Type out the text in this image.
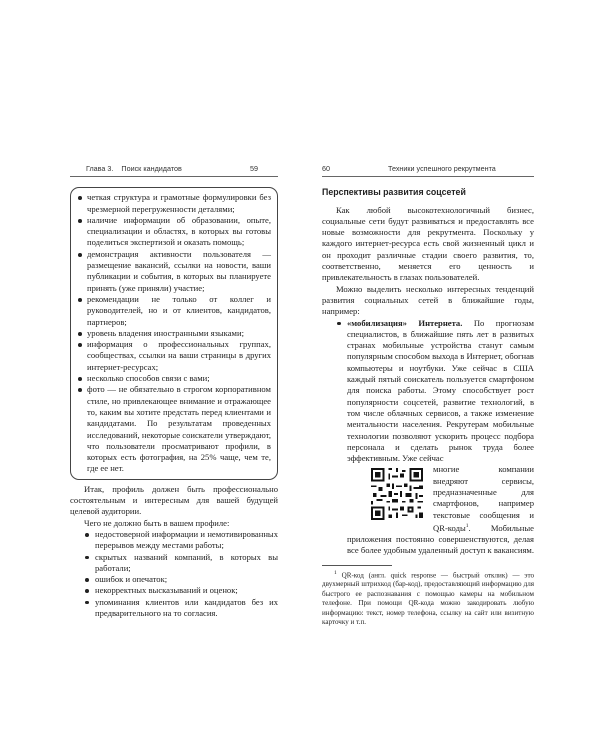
Глава 3. Поиск кандидатов	59
четкая структура и грамотные формулировки без чрезмерной перегруженности деталями;
наличие информации об образовании, опыте, специализации и областях, в которых вы готовы поделиться экспертизой и оказать помощь;
демонстрация активности пользователя — размещение вакансий, ссылки на новости, ваши публикации и события, в которых вы планируете принять (уже приняли) участие;
рекомендации не только от коллег и руководителей, но и от клиентов, кандидатов, партнеров;
уровень владения иностранными языками;
информация о профессиональных группах, сообществах, ссылки на ваши страницы в других интернет-ресурсах;
несколько способов связи с вами;
фото — не обязательно в строгом корпоративном стиле, но привлекающее внимание и отражающее то, каким вы хотите предстать перед клиентами и кандидатами. По результатам проведенных исследований, некоторые соискатели утверждают, что пользователи просматривают профили, в которых есть фотография, на 25% чаще, чем те, где ее нет.

Итак, профиль должен быть профессионально состоятельным и интересным для вашей будущей целевой аудитории.

Чего не должно быть в вашем профиле:

недостоверной информации и немотивированных перерывов между местами работы;
скрытых названий компаний, в которых вы работали;
ошибок и опечаток;
некорректных высказываний и оценок;
упоминания клиентов или кандидатов без их предварительного на то согласия.
60	Техники успешного рекрутмента
Перспективы развития соцсетей

Как любой высокотехнологичный бизнес, социальные сети будут развиваться и предоставлять все новые возможности для рекрутмента. Поскольку у каждого интернет-ресурса есть свой жизненный цикл и он проходит различные стадии своего развития, то, соответственно, меняется его ценность и привлекательность в глазах пользователей.

Можно выделить несколько интересных тенденций развития социальных сетей в ближайшие годы, например:

«мобилизация» Интернета. По прогнозам специалистов, в ближайшие пять лет в развитых странах мобильные устройства станут самым популярным способом выхода в Интернет, обогнав компьютеры и ноутбуки. Уже сейчас в США каждый пятый соискатель пользуется смартфоном для поиска работы. Этому способствует рост популярности соцсетей, развитие технологий, в том числе облачных сервисов, а также изменение ментальности населения. Рекрутерам мобильные технологии позволяют ускорить процесс подбора персонала и сделать рынок труда более эффективным. Уже сейчас
многие компании внедряют сервисы, предназначенные для смартфонов, например текстовые сообщения и QR-коды$^1$. Мобильные приложения постоянно совершенствуются, делая все более удобным удаленный доступ к вакансиям.

$^1$ QR-код (англ. quick response — быстрый отклик) — это двухмерный штрихкод (бар-код), предоставляющий информацию для быстрого ее распознавания с помощью камеры на мобильном телефоне. При помощи QR-кода можно закодировать любую информацию: текст, номер телефона, ссылку на сайт или визитную карточку и т.п.
